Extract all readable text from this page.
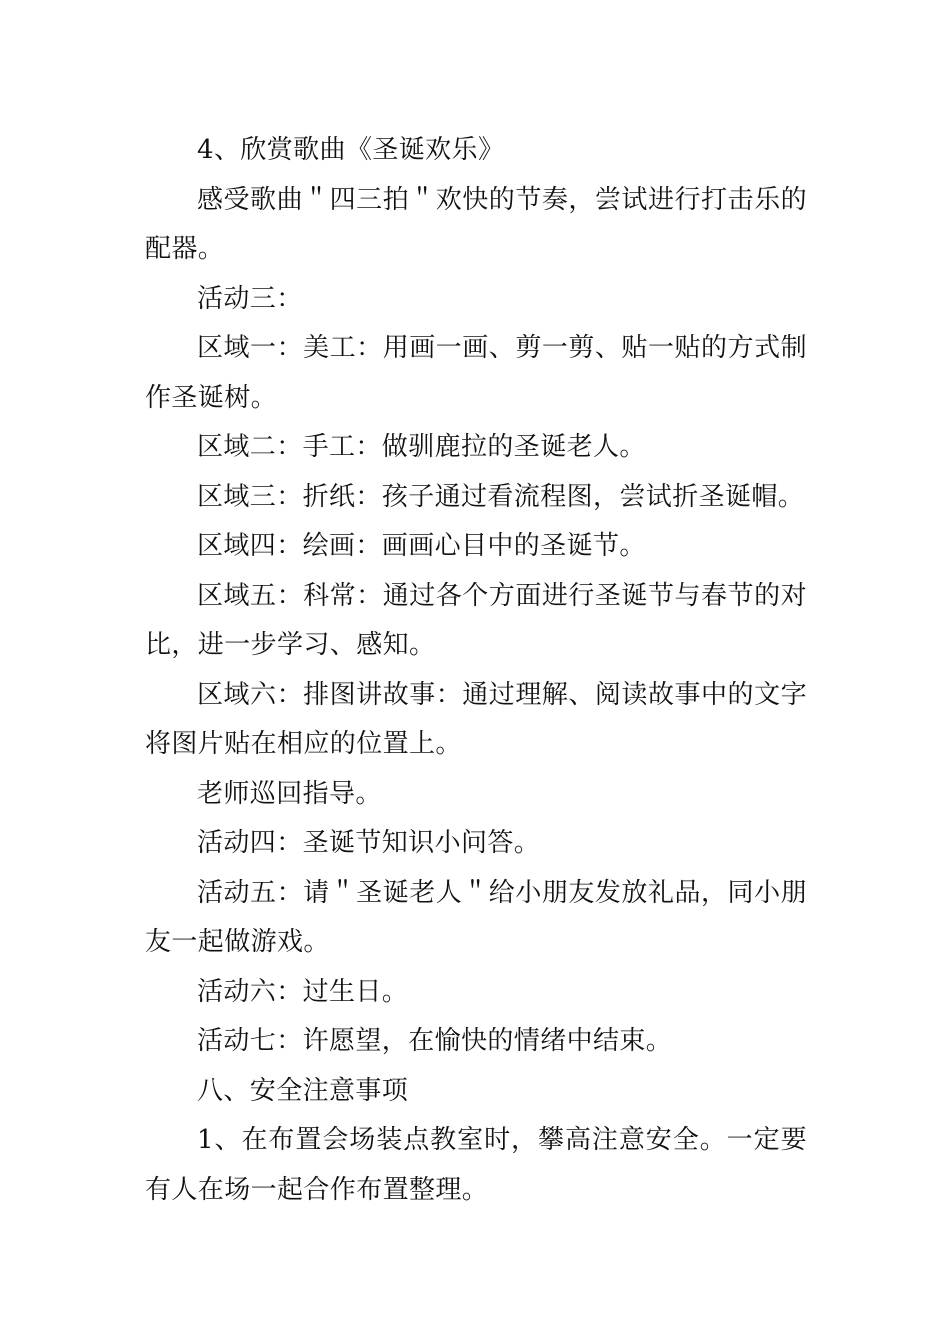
4、欣赏歌曲《圣诞欢乐》

感受歌曲＂四三拍＂欢快的节奏，尝试进行打击乐的配器。

活动三：

区域一：美工：用画一画、剪一剪、贴一贴的方式制作圣诞树。

区域二：手工：做驯鹿拉的圣诞老人。

区域三：折纸：孩子通过看流程图，尝试折圣诞帽。

区域四：绘画：画画心目中的圣诞节。

区域五：科常：通过各个方面进行圣诞节与春节的对比，进一步学习、感知。

区域六：排图讲故事：通过理解、阅读故事中的文字将图片贴在相应的位置上。

老师巡回指导。

活动四：圣诞节知识小问答。

活动五：请＂圣诞老人＂给小朋友发放礼品，同小朋友一起做游戏。

活动六：过生日。

活动七：许愿望，在愉快的情绪中结束。

八、安全注意事项

1、在布置会场装点教室时，攀高注意安全。一定要有人在场一起合作布置整理。
